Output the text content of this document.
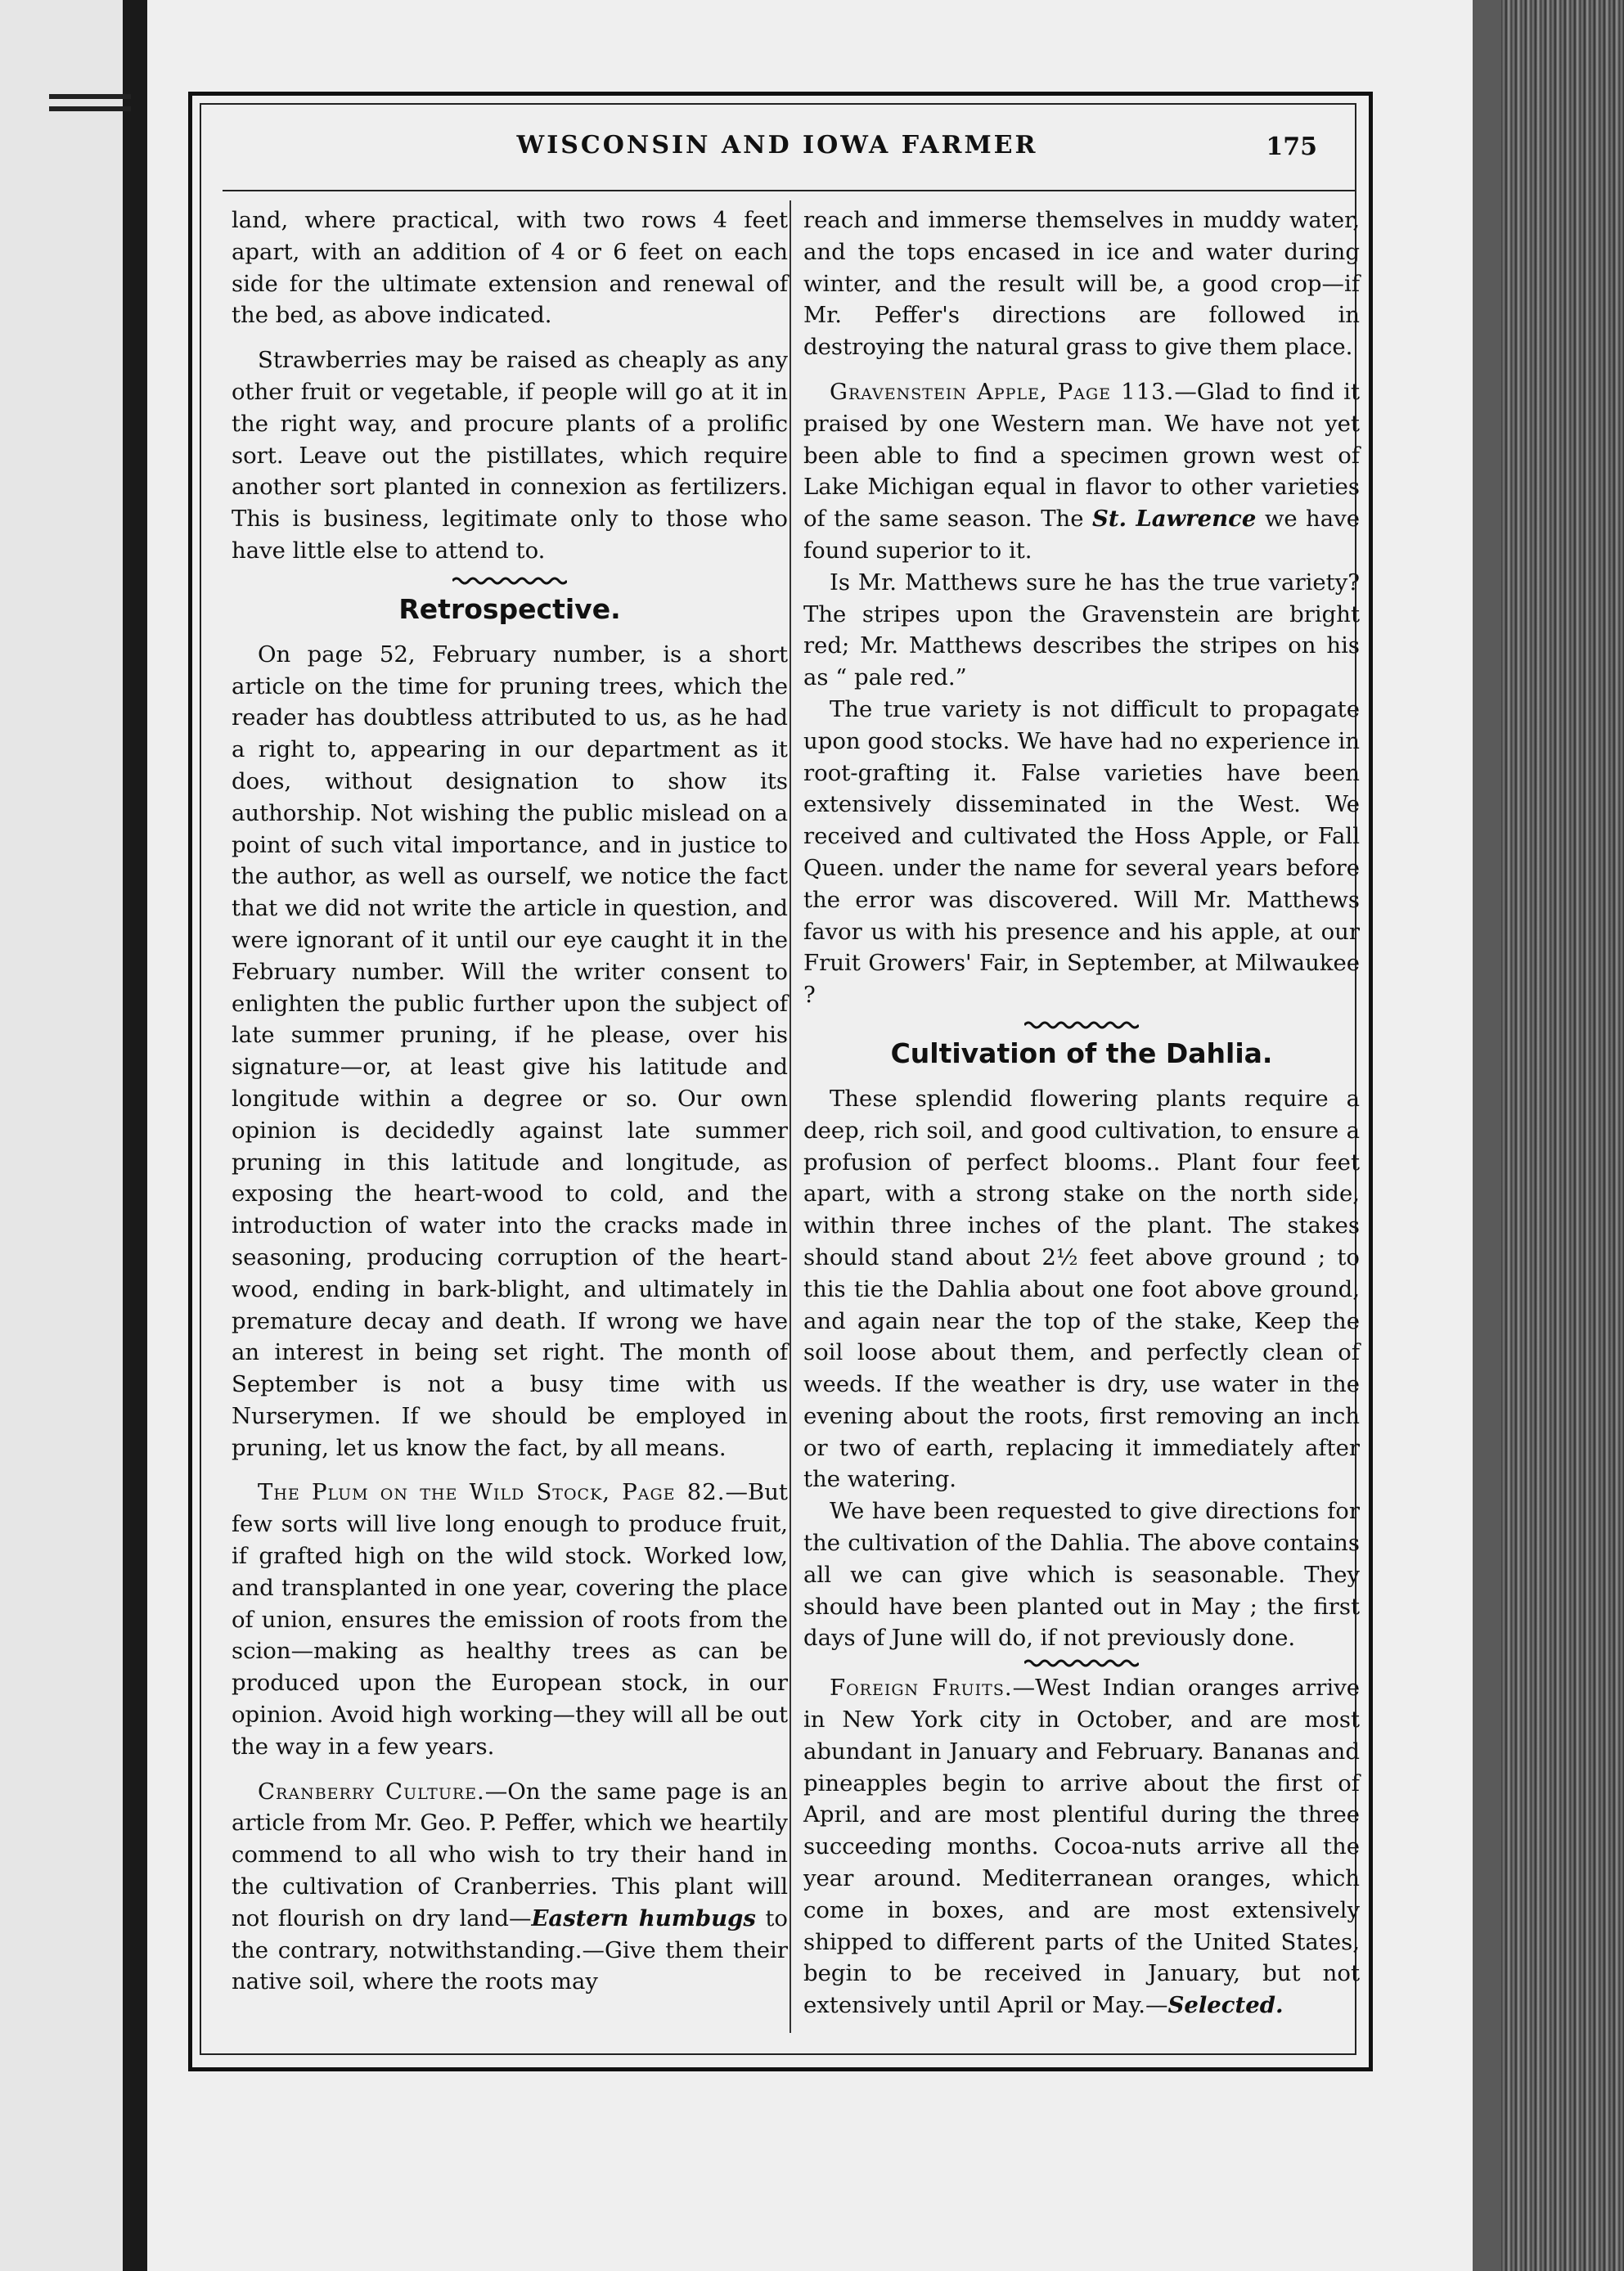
WISCONSIN AND IOWA FARMER	175

land, where practical, with two rows 4 feet apart, with an addition of 4 or 6 feet on each side for the ultimate extension and renewal of the bed, as above indicated.

Strawberries may be raised as cheaply as any other fruit or vegetable, if people will go at it in the right way, and procure plants of a prolific sort. Leave out the pistillates, which require another sort planted in connexion as fertilizers. This is business, legitimate only to those who have little else to attend to.

Retrospective.

On page 52, February number, is a short article on the time for pruning trees, which the reader has doubtless attributed to us, as he had a right to, appearing in our department as it does, without designation to show its authorship. Not wishing the public mislead on a point of such vital importance, and in justice to the author, as well as ourself, we notice the fact that we did not write the article in question, and were ignorant of it until our eye caught it in the February number. Will the writer consent to enlighten the public further upon the subject of late summer pruning, if he please, over his signature—or, at least give his latitude and longitude within a degree or so. Our own opinion is decidedly against late summer pruning in this latitude and longitude, as exposing the heart-wood to cold, and the introduction of water into the cracks made in seasoning, producing corruption of the heart-wood, ending in bark-blight, and ultimately in premature decay and death. If wrong we have an interest in being set right. The month of September is not a busy time with us Nurserymen. If we should be employed in pruning, let us know the fact, by all means.

The Plum on the Wild Stock, Page 82.—But few sorts will live long enough to produce fruit, if grafted high on the wild stock. Worked low, and transplanted in one year, covering the place of union, ensures the emission of roots from the scion—making as healthy trees as can be produced upon the European stock, in our opinion. Avoid high working—they will all be out the way in a few years.

Cranberry Culture.—On the same page is an article from Mr. Geo. P. Peffer, which we heartily commend to all who wish to try their hand in the cultivation of Cranberries. This plant will not flourish on dry land—Eastern humbugs to the contrary, notwithstanding.—Give them their native soil, where the roots may

reach and immerse themselves in muddy water, and the tops encased in ice and water during winter, and the result will be, a good crop—if Mr. Peffer's directions are followed in destroying the natural grass to give them place.

Gravenstein Apple, Page 113.—Glad to find it praised by one Western man. We have not yet been able to find a specimen grown west of Lake Michigan equal in flavor to other varieties of the same season. The St. Lawrence we have found superior to it.

Is Mr. Matthews sure he has the true variety? The stripes upon the Gravenstein are bright red; Mr. Matthews describes the stripes on his as “ pale red.”

The true variety is not difficult to propagate upon good stocks. We have had no experience in root-grafting it. False varieties have been extensively disseminated in the West. We received and cultivated the Hoss Apple, or Fall Queen. under the name for several years before the error was discovered. Will Mr. Matthews favor us with his presence and his apple, at our Fruit Growers' Fair, in September, at Milwaukee ?

Cultivation of the Dahlia.

These splendid flowering plants require a deep, rich soil, and good cultivation, to ensure a profusion of perfect blooms.. Plant four feet apart, with a strong stake on the north side, within three inches of the plant. The stakes should stand about 2½ feet above ground ; to this tie the Dahlia about one foot above ground, and again near the top of the stake, Keep the soil loose about them, and perfectly clean of weeds. If the weather is dry, use water in the evening about the roots, first removing an inch or two of earth, replacing it immediately after the watering.

We have been requested to give directions for the cultivation of the Dahlia. The above contains all we can give which is seasonable. They should have been planted out in May ; the first days of June will do, if not previously done.

Foreign Fruits.—West Indian oranges arrive in New York city in October, and are most abundant in January and February. Bananas and pineapples begin to arrive about the first of April, and are most plentiful during the three succeeding months. Cocoa-nuts arrive all the year around. Mediterranean oranges, which come in boxes, and are most extensively shipped to different parts of the United States, begin to be received in January, but not extensively until April or May.—Selected.
